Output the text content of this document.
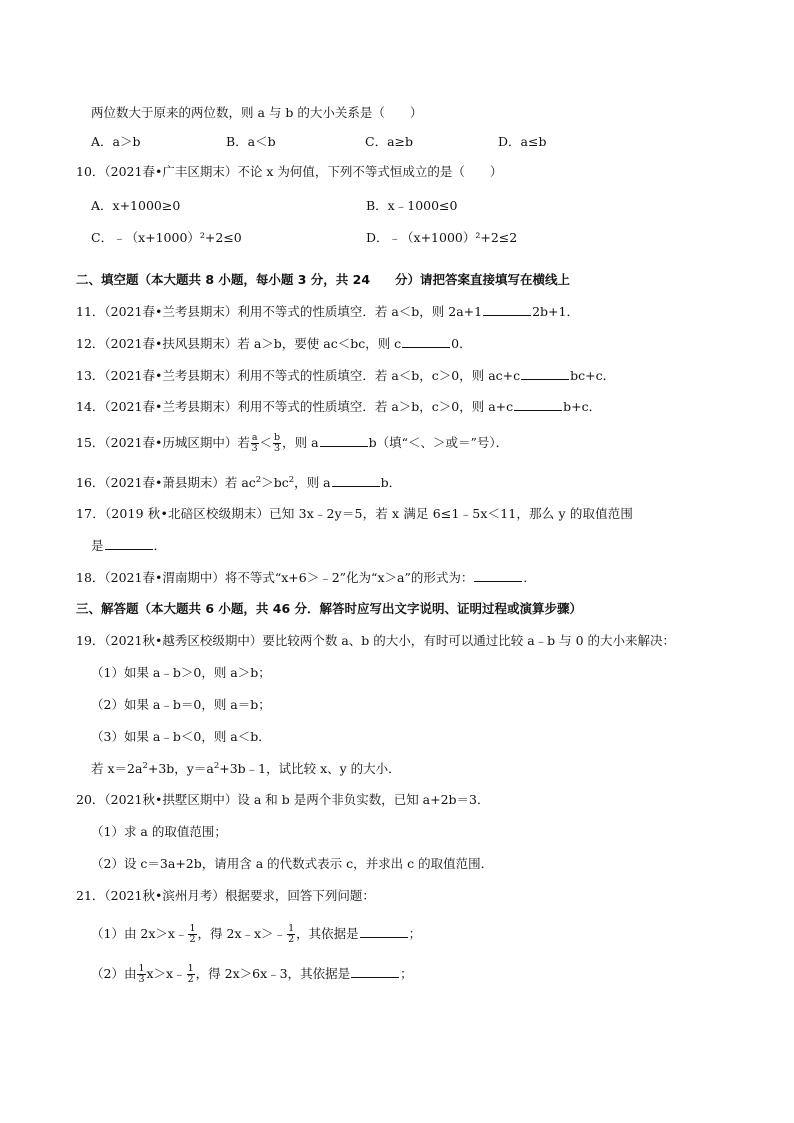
两位数大于原来的两位数，则 a 与 b 的大小关系是（　　）
A．a＞b	B．a＜b	C．a≥b	D．a≤b
10．（2021春•广丰区期末）不论 x 为何值，下列不等式恒成立的是（　　）
A．x+1000≥0	B．x﹣1000≤0
C．﹣（x+1000）²+2≤0	D．﹣（x+1000）²+2≤2
二、填空题（本大题共 8 小题，每小题 3 分，共 24　　分）请把答案直接填写在横线上
11．（2021春•兰考县期末）利用不等式的性质填空．若 a＜b，则 2a+1	2b+1．
12．（2021春•扶风县期末）若 a＞b，要使 ac＜bc，则 c	0．
13．（2021春•兰考县期末）利用不等式的性质填空．若 a＜b，c＞0，则 ac+c	bc+c．
14．（2021春•兰考县期末）利用不等式的性质填空．若 a＞b，c＞0，则 a+c	b+c．
15．（2021春•历城区期中）若 $\frac{a}{3} < \frac{b}{3}$ ，则 a	b（填“＜、＞或＝”号）．
16．（2021春•萧县期末）若 $ac^2>bc^2$，则 a	b．
17．（2019 秋•北碚区校级期末）已知 3x﹣2y＝5，若 x 满足 6≤1﹣5x＜11，那么 y 的取值范围
是	．
18．（2021春•渭南期中）将不等式“x+6＞﹣2”化为“x＞a”的形式为：	．
三、解答题（本大题共 6 小题，共 46 分．解答时应写出文字说明、证明过程或演算步骤）
19．（2021秋•越秀区校级期中）要比较两个数 a、b 的大小，有时可以通过比较 a﹣b 与 0 的大小来解决：
（1）如果 a﹣b＞0，则 a＞b；
（2）如果 a﹣b＝0，则 a＝b；
（3）如果 a﹣b＜0，则 a＜b．
若 $x=2a^2+3b$，$y=a^2+3b﹣1$，试比较 x、y 的大小．
20．（2021秋•拱墅区期中）设 a 和 b 是两个非负实数，已知 a+2b＝3．
（1）求 a 的取值范围；
（2）设 c＝3a+2b，请用含 a 的代数式表示 c，并求出 c 的取值范围．
21．（2021秋•滨州月考）根据要求，回答下列问题：
（1）由 2x＞x﹣ $\frac{1}{2}$ ，得 2x﹣x＞﹣ $\frac{1}{2}$ ，其依据是	；
（2）由 $\frac{1}{3}$ x＞x﹣ $\frac{1}{2}$ ，得 2x＞6x﹣3，其依据是	；
